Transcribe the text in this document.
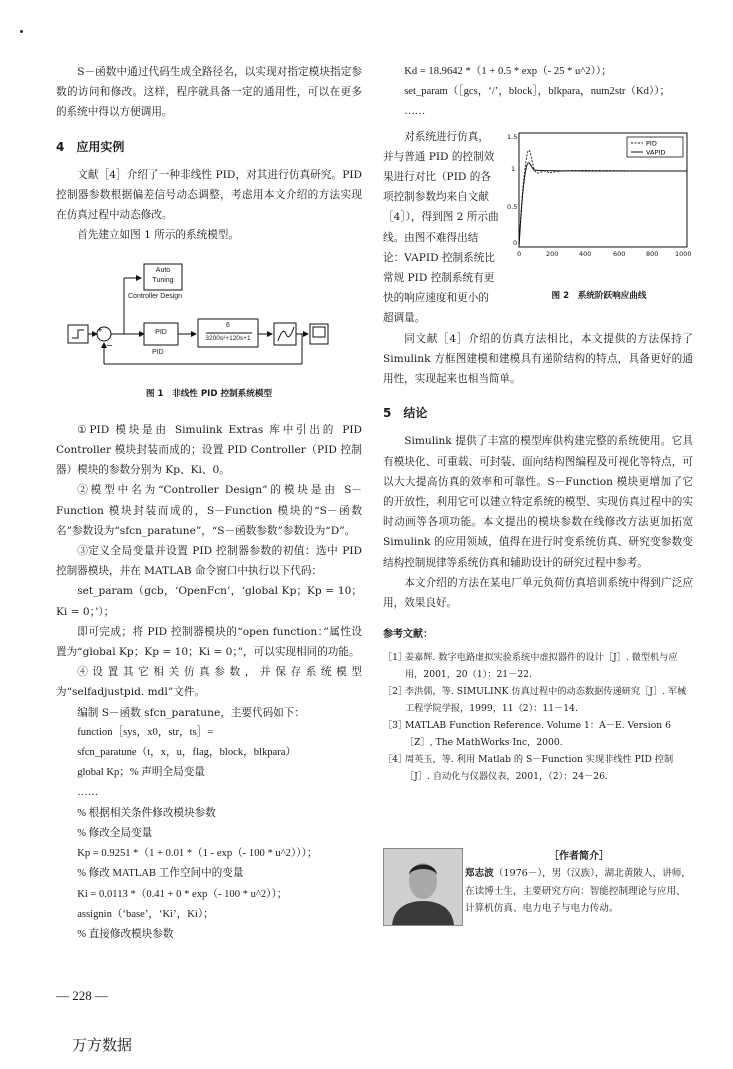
S－函数中通过代码生成全路径名，以实现对指定模块指定参数的访问和修改。这样，程序就具备一定的通用性，可以在更多的系统中得以方便调用。

4　应用实例

文献［4］介绍了一种非线性 PID，对其进行仿真研究。PID 控制器参数根据偏差信号动态调整，考虑用本文介绍的方法实现在仿真过程中动态修改。

首先建立如图 1 所示的系统模型。

−
+
Auto
Tuning
Controller Design
PID
PID
6
3200s²+120s+1
图 1　非线性 PID 控制系统模型

①PID 模块是由 Simulink Extras 库中引出的 PID Controller 模块封装而成的；设置 PID Controller（PID 控制器）模块的参数分别为 Kp、Ki、0。

②模型中名为“Controller Design”的模块是由 S－Function 模块封装而成的，S－Function 模块的“S－函数名”参数设为“sfcn_paratune”，“S－函数参数”参数设为“D”。

③定义全局变量并设置 PID 控制器参数的初值：选中 PID 控制器模块，并在 MATLAB 命令窗口中执行以下代码：

set_param（gcb，‘OpenFcn’，‘global Kp；Kp = 10；Ki = 0；’）；

即可完成；将 PID 控制器模块的“open function：”属性设置为“global Kp；Kp = 10；Ki = 0；”，可以实现相同的功能。

④设置其它相关仿真参数，并保存系统模型为“selfadjustpid. mdl”文件。

编制 S－函数 sfcn_paratune，主要代码如下：

function［sys，x0，str，ts］=

sfcn_paratune（t，x，u，flag，block，blkpara）

global Kp；% 声明全局变量

……

% 根据相关条件修改模块参数

% 修改全局变量

Kp = 0.9251 *（1 + 0.01 *（1 - exp（- 100 * u^2）））；

% 修改 MATLAB 工作空间中的变量

Ki = 0.0113 *（0.41 + 0 * exp（- 100 * u^2））；

assignin（‘base’，‘Ki’，Ki）；

% 直接修改模块参数

Kd = 18.9642 *（1 + 0.5 * exp（- 25 * u^2））；

set_param（［gcs，‘/’，block］，blkpara，num2str（Kd））；

……

对系统进行仿真，
并与普通 PID 的控制效
果进行对比（PID 的各
项控制参数均来自文献
［4］），得到图 2 所示曲
线。由图不难得出结
论：VAPID 控制系统比
常规 PID 控制系统有更
快的响应速度和更小的
超调量。
1.5
1
0.5
0
0	200	400	600	800	1000
PID
VAPID
图 2　系统阶跃响应曲线

同文献［4］介绍的仿真方法相比，本文提供的方法保持了 Simulink 方框图建模和建模具有递阶结构的特点，具备更好的通用性，实现起来也相当简单。

5　结论

Simulink 提供了丰富的模型库供构建完整的系统使用。它具有模块化、可重载、可封装、面向结构图编程及可视化等特点，可以大大提高仿真的效率和可靠性。S－Function 模块更增加了它的开放性，利用它可以建立特定系统的模型、实现仿真过程中的实时动画等各项功能。本文提出的模块参数在线修改方法更加拓宽 Simulink 的应用领域，值得在进行时变系统仿真、研究变参数变结构控制规律等系统仿真和辅助设计的研究过程中参考。

本文介绍的方法在某电厂单元负荷仿真培训系统中得到广泛应用，效果良好。

参考文献：
［1］
姜嘉辉. 数字电路虚拟实验系统中虚拟器件的设计［J］. 微型机与应用，2001，20（1）：21－22.
［2］
李洪儒，等. SIMULINK 仿真过程中的动态数据传递研究［J］. 军械工程学院学报，1999，11（2）：11－14.
［3］
MATLAB Function Reference. Volume 1：A－E. Version 6［Z］, The MathWorks Inc，2000.
［4］
周英玉，等. 利用 Matlab 的 S－Function 实现非线性 PID 控制［J］. 自动化与仪器仪表，2001，（2）：24－26.
［作者简介］
郑志波（1976－），男（汉族），湖北黄陂人，讲师，在读博士生，主要研究方向：智能控制理论与应用、计算机仿真、电力电子与电力传动。
— 228 —
万方数据
